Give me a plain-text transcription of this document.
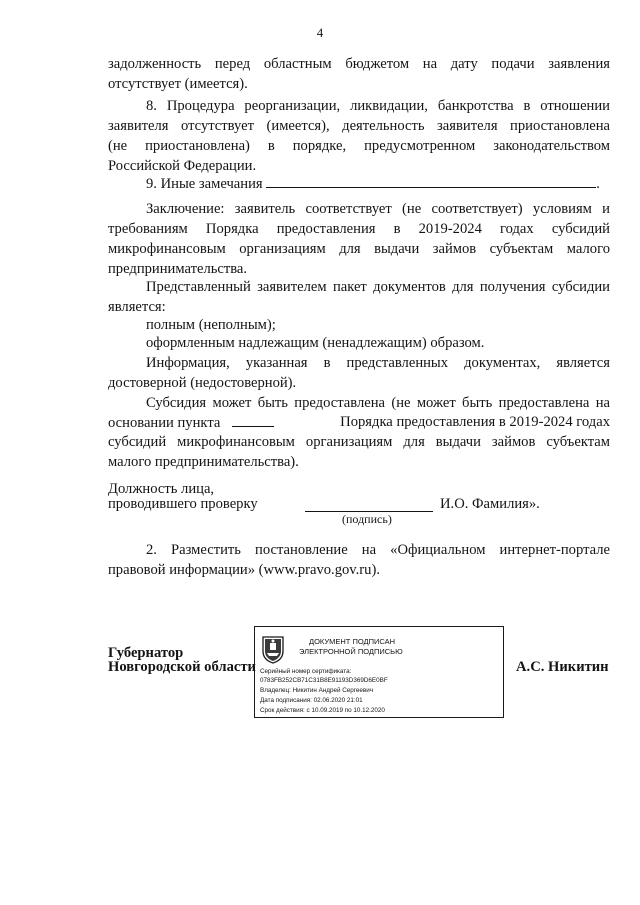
4
задолженность перед областным бюджетом на дату подачи заявления
отсутствует (имеется).
8. Процедура реорганизации, ликвидации, банкротства в отношении
заявителя отсутствует (имеется), деятельность заявителя приостановлена
(не приостановлена) в порядке, предусмотренном законодательством
Российской Федерации.
9. Иные замечания	.
Заключение: заявитель соответствует (не соответствует) условиям и
требованиям Порядка предоставления в 2019-2024 годах субсидий
микрофинансовым организациям для выдачи займов субъектам малого
предпринимательства.
Представленный заявителем пакет документов для получения субсидии
является:
полным (неполным);
оформленным надлежащим (ненадлежащим) образом.
Информация, указанная в представленных документах, является
достоверной (недостоверной).
Субсидия может быть предоставлена (не может быть предоставлена на
основании пункта	Порядка предоставления в 2019-2024 годах
субсидий микрофинансовым организациям для выдачи займов субъектам
малого предпринимательства).
Должность лица,
проводившего проверку	И.О. Фамилия».
(подпись)
2. Разместить постановление на «Официальном интернет-портале
правовой информации» (www.pravo.gov.ru).
Губернатор
Новгородской области	А.С. Никитин
ДОКУМЕНТ ПОДПИСАН
ЭЛЕКТРОННОЙ ПОДПИСЬЮ
Серийный номер сертификата:
0783FB252CB71C31B8E91193D369D6E0BF
Владелец: Никитин Андрей Сергеевич
Дата подписания: 02.06.2020 21:01
Срок действия: с 10.09.2019 по 10.12.2020
